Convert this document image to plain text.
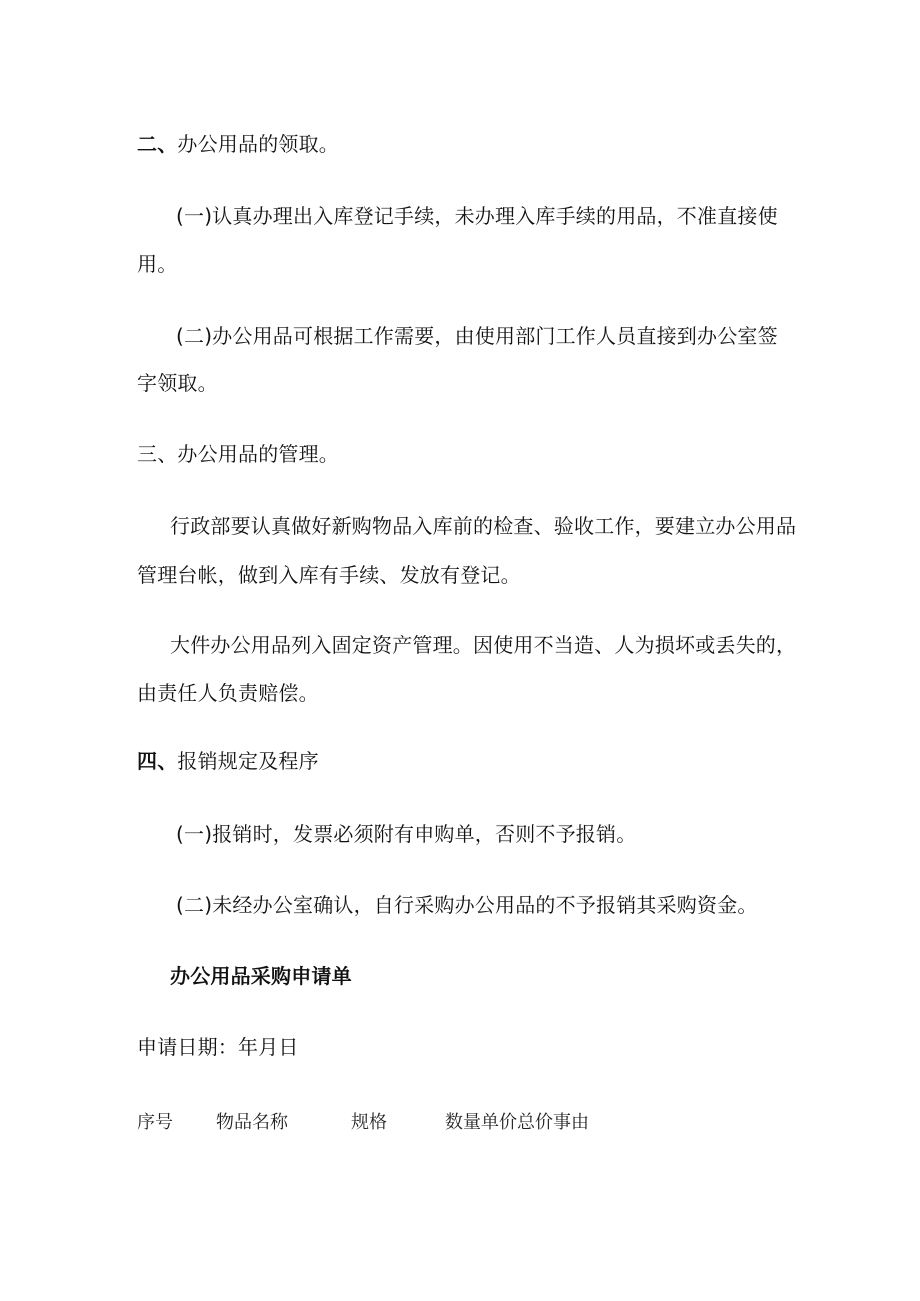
二、办公用品的领取。
(一)认真办理出入库登记手续，未办理入库手续的用品，不准直接使
用。
(二)办公用品可根据工作需要，由使用部门工作人员直接到办公室签
字领取。
三、办公用品的管理。
行政部要认真做好新购物品入库前的检查、验收工作，要建立办公用品
管理台帐，做到入库有手续、发放有登记。
大件办公用品列入固定资产管理。因使用不当造、人为损坏或丢失的，
由责任人负责赔偿。
四、报销规定及程序
(一)报销时，发票必须附有申购单，否则不予报销。
(二)未经办公室确认，自行采购办公用品的不予报销其采购资金。
办公用品采购申请单
申请日期：年月日
序号 物品名称	规格	数量单价总价事由
